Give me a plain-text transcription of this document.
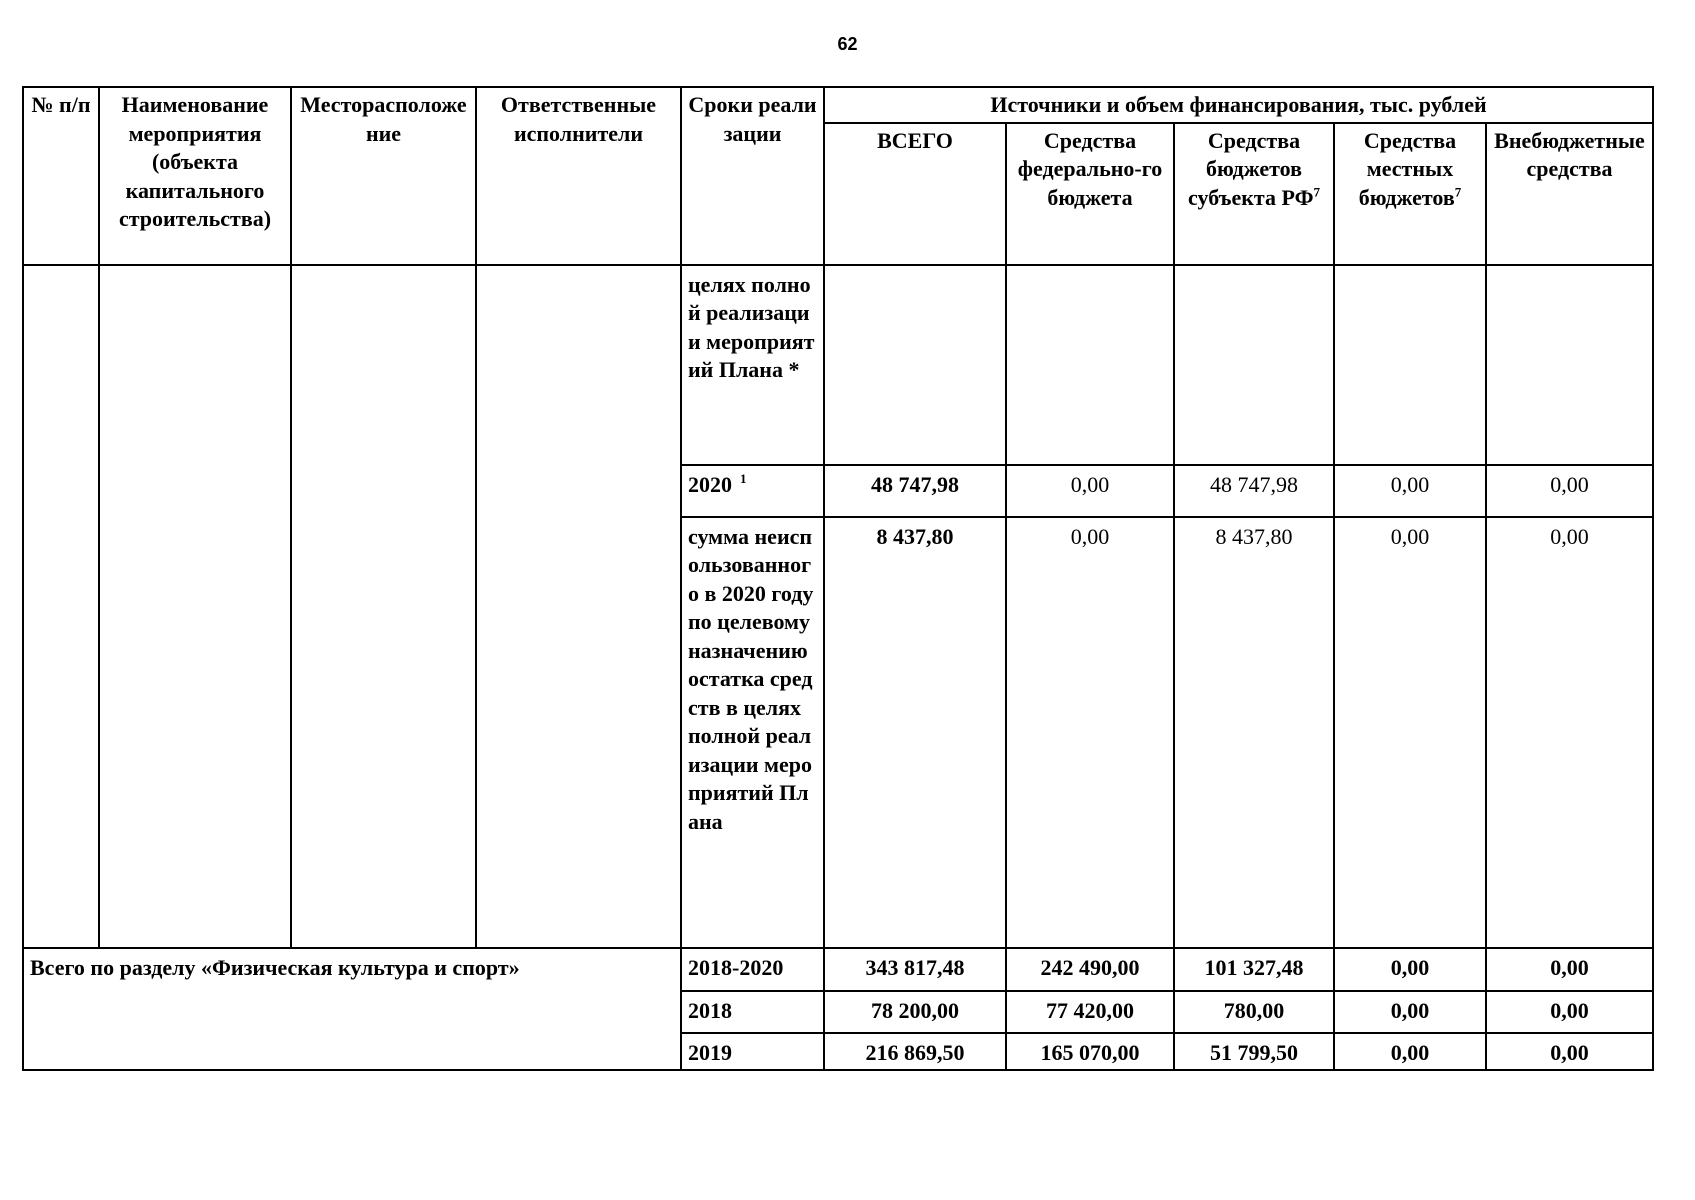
62
№ п/п	Наименование мероприятия (объекта капитального строительства)	Месторасположение	Ответственные исполнители	Сроки реализации	Источники и объем финансирования, тыс. рублей				
					ВСЕГО	Средства федерально-го бюджета	Средства бюджетов субъекта $РФ^7$	Средства местных бюджетов$^7$	Внебюджетные средства
				целях полной реализации мероприятий Плана *					
				2020 $^1$	48 747,98	0,00	48 747,98	0,00	0,00
				сумма неиспользованного в 2020 году по целевому назначению остатка средств в целях полной реализации мероприятий Плана	8 437,80	0,00	8 437,80	0,00	0,00
Всего по разделу «Физическая культура и спорт»				2018-2020	343 817,48	242 490,00	101 327,48	0,00	0,00
				2018	78 200,00	77 420,00	780,00	0,00	0,00
				2019	216 869,50	165 070,00	51 799,50	0,00	0,00
